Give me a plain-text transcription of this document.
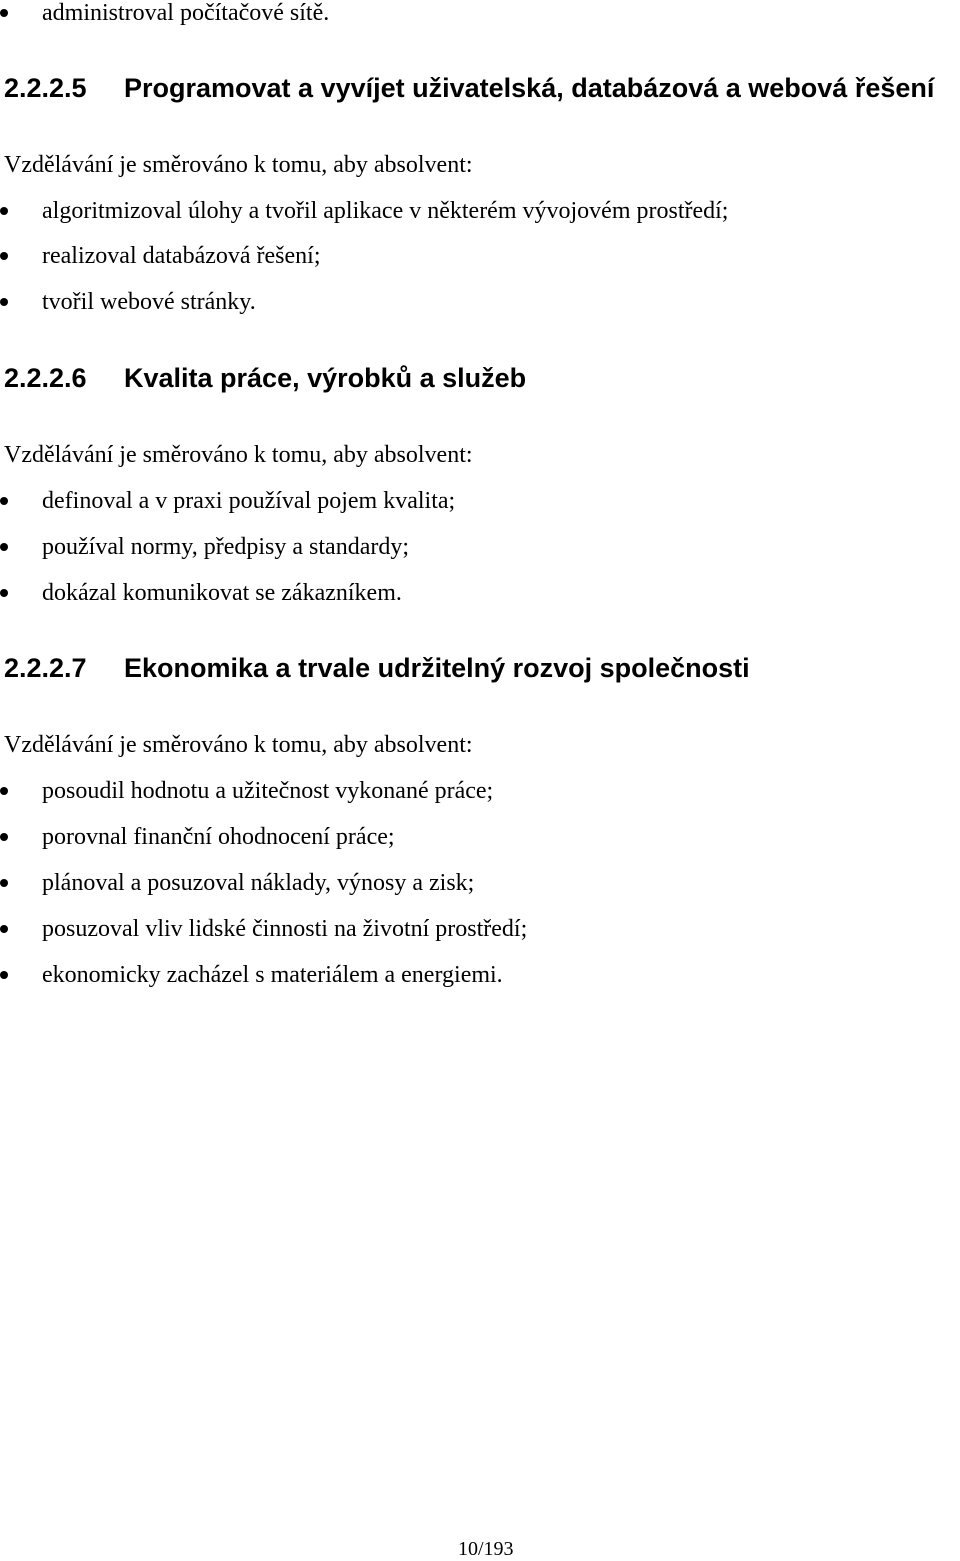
administroval počítačové sítě.
2.2.2.5 Programovat a vyvíjet uživatelská, databázová a webová řešení
Vzdělávání je směrováno k tomu, aby absolvent:
algoritmizoval úlohy a tvořil aplikace v některém vývojovém prostředí;
realizoval databázová řešení;
tvořil webové stránky.
2.2.2.6 Kvalita práce, výrobků a služeb
Vzdělávání je směrováno k tomu, aby absolvent:
definoval a v praxi používal pojem kvalita;
používal normy, předpisy a standardy;
dokázal komunikovat se zákazníkem.
2.2.2.7 Ekonomika a trvale udržitelný rozvoj společnosti
Vzdělávání je směrováno k tomu, aby absolvent:
posoudil hodnotu a užitečnost vykonané práce;
porovnal finanční ohodnocení práce;
plánoval a posuzoval náklady, výnosy a zisk;
posuzoval vliv lidské činnosti na životní prostředí;
ekonomicky zacházel s materiálem a energiemi.
10/193
